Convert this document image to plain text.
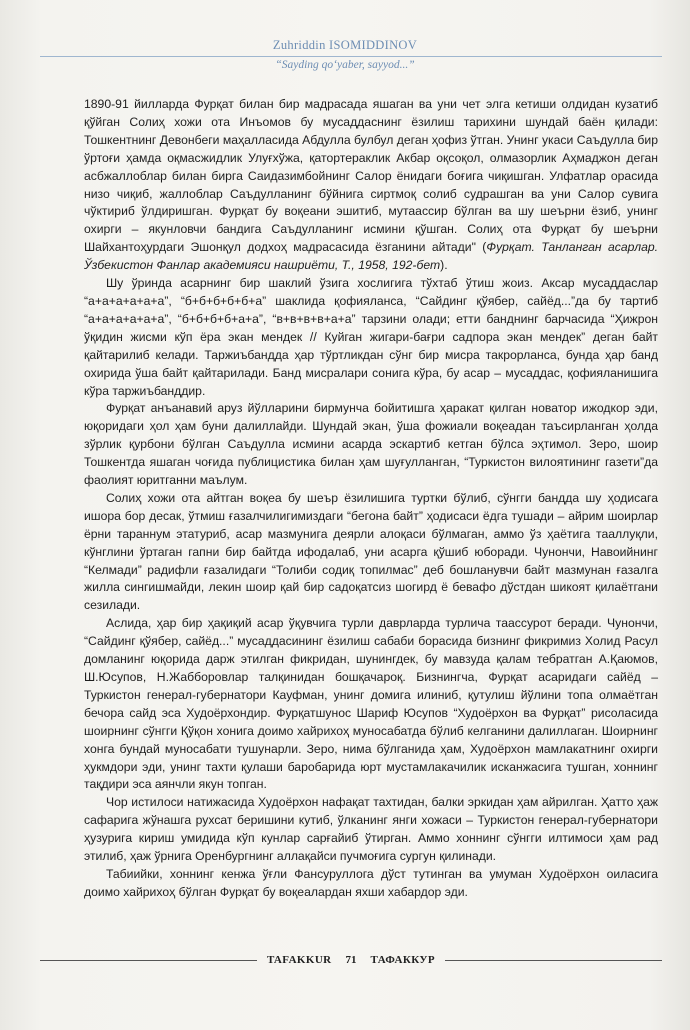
Zuhriddin ISOMIDDINOV
“Sayding qo‘yaber, sayyod...”

1890-91 йилларда Фурқат билан бир мадрасада яшаган ва уни чет элга кетиши олдидан кузатиб қўйган Солиҳ хожи ота Инъомов бу мусаддаснинг ёзилиш тарихини шундай баён қилади: Тошкентнинг Девонбеги маҳалласида Абдулла булбул деган ҳофиз ўтган. Унинг укаси Саъдулла бир ўртоғи ҳамда оқмасжидлик Улуғхўжа, қатортераклик Акбар оқсоқол, олмазорлик Аҳмаджон деган асбжаллоблар билан бирга Саидазимбойнинг Салор ёнидаги боғига чиқишган. Улфатлар орасида низо чиқиб, жаллоблар Саъдулланинг бўйнига сиртмоқ солиб судрашган ва уни Салор сувига чўктириб ўлдиришган. Фурқат бу воқеани эшитиб, мутаассир бўлган ва шу шеърни ёзиб, унинг охирги – якунловчи бандига Саъдулланинг исмини қўшган. Солиҳ ота Фурқат бу шеърни Шайхантоҳурдаги Эшонқул додхоҳ мадрасасида ёзганини айтади" (Фурқат. Танланган асарлар. Ўзбекистон Фанлар академияси нашриёти, Т., 1958, 192-бет).

Шу ўринда асарнинг бир шаклий ўзига хослигига тўхтаб ўтиш жоиз. Аксар мусаддаслар “а+а+а+а+а+а”, “б+б+б+б+б+а” шаклида қофияланса, “Сайдинг қўябер, сайёд...”да бу тартиб “а+а+а+а+а+а”, “б+б+б+б+а+а”, “в+в+в+в+а+а” тарзини олади; етти банднинг барчасида “Ҳижрон ўқидин жисми кўп ёра экан мендек // Куйган жигари-бағри садпора экан мендек” деган байт қайтарилиб келади. Таржиъбандда ҳар тўртликдан сўнг бир мисра такрорланса, бунда ҳар банд охирида ўша байт қайтарилади. Банд мисралари сонига кўра, бу асар – мусаддас, қофияланишига кўра таржиъбанддир.

Фурқат анъанавий аруз йўлларини бирмунча бойитишга ҳаракат қилган новатор ижодкор эди, юқоридаги ҳол ҳам буни далиллайди. Шундай экан, ўша фожиали воқеадан таъсирланган ҳолда зўрлик қурбони бўлган Саъдулла исмини асарда эскартиб кетган бўлса эҳтимол. Зеро, шоир Тошкентда яшаган чоғида публицистика билан ҳам шуғулланган, “Туркистон вилоятининг газети”да фаолият юритганни маълум.

Солиҳ хожи ота айтган воқеа бу шеър ёзилишига туртки бўлиб, сўнгги бандда шу ҳодисага ишора бор десак, ўтмиш ғазалчилигимиздаги “бегона байт” ҳодисаси ёдга тушади – айрим шоирлар ёрни тараннум этатуриб, асар мазмунига деярли алоқаси бўлмаган, аммо ўз ҳаётига тааллуқли, кўнглини ўртаган гапни бир байтда ифодалаб, уни асарга қўшиб юборади. Чунончи, Навоийнинг “Келмади” радифли ғазалидаги “Толиби содиқ топилмас” деб бошланувчи байт мазмунан ғазалга жилла сингишмайди, лекин шоир қай бир садоқатсиз шогирд ё бевафо дўстдан шикоят қилаётгани сезилади.

Аслида, ҳар бир ҳақиқий асар ўқувчига турли даврларда турлича таассурот беради. Чунончи, “Сайдинг қўябер, сайёд...” мусаддасининг ёзилиш сабаби борасида бизнинг фикримиз Холид Расул домланинг юқорида дарж этилган фикридан, шунингдек, бу мавзуда қалам тебратган А.Қаюмов, Ш.Юсупов, Н.Жабборовлар талқинидан бошқачароқ. Бизнингча, Фурқат асаридаги сайёд – Туркистон генерал-губернатори Кауфман, унинг домига илиниб, қутулиш йўлини топа олмаётган бечора сайд эса Худоёрхондир. Фурқатшунос Шариф Юсупов “Худоёрхон ва Фурқат” рисоласида шоирнинг сўнгги Қўқон хонига доимо хайрихоҳ муносабатда бўлиб келганини далиллаган. Шоирнинг хонга бундай муносабати тушунарли. Зеро, нима бўлганида ҳам, Худоёрхон мамлакатнинг охирги ҳукмдори эди, унинг тахти қулаши баробарида юрт мустамлакачилик исканжасига тушган, хоннинг тақдири эса аянчли якун топган.

Чор истилоси натижасида Худоёрхон нафақат тахтидан, балки эркидан ҳам айрилган. Ҳатто ҳаж сафарига жўнашга рухсат беришини кутиб, ўлканинг янги хожаси – Туркистон генерал-губернатори ҳузурига кириш умидида кўп кунлар сарғайиб ўтирган. Аммо хоннинг сўнгги илтимоси ҳам рад этилиб, ҳаж ўрнига Оренбургнинг аллақайси пучмоғига сургун қилинади.

Табиийки, хоннинг кенжа ўғли Фансуруллога дўст тутинган ва умуман Худоёрхон оиласига доимо хайрихоҳ бўлган Фурқат бу воқеалардан яхши хабардор эди.

TAFAKKUR	71	ТАФАККУР
